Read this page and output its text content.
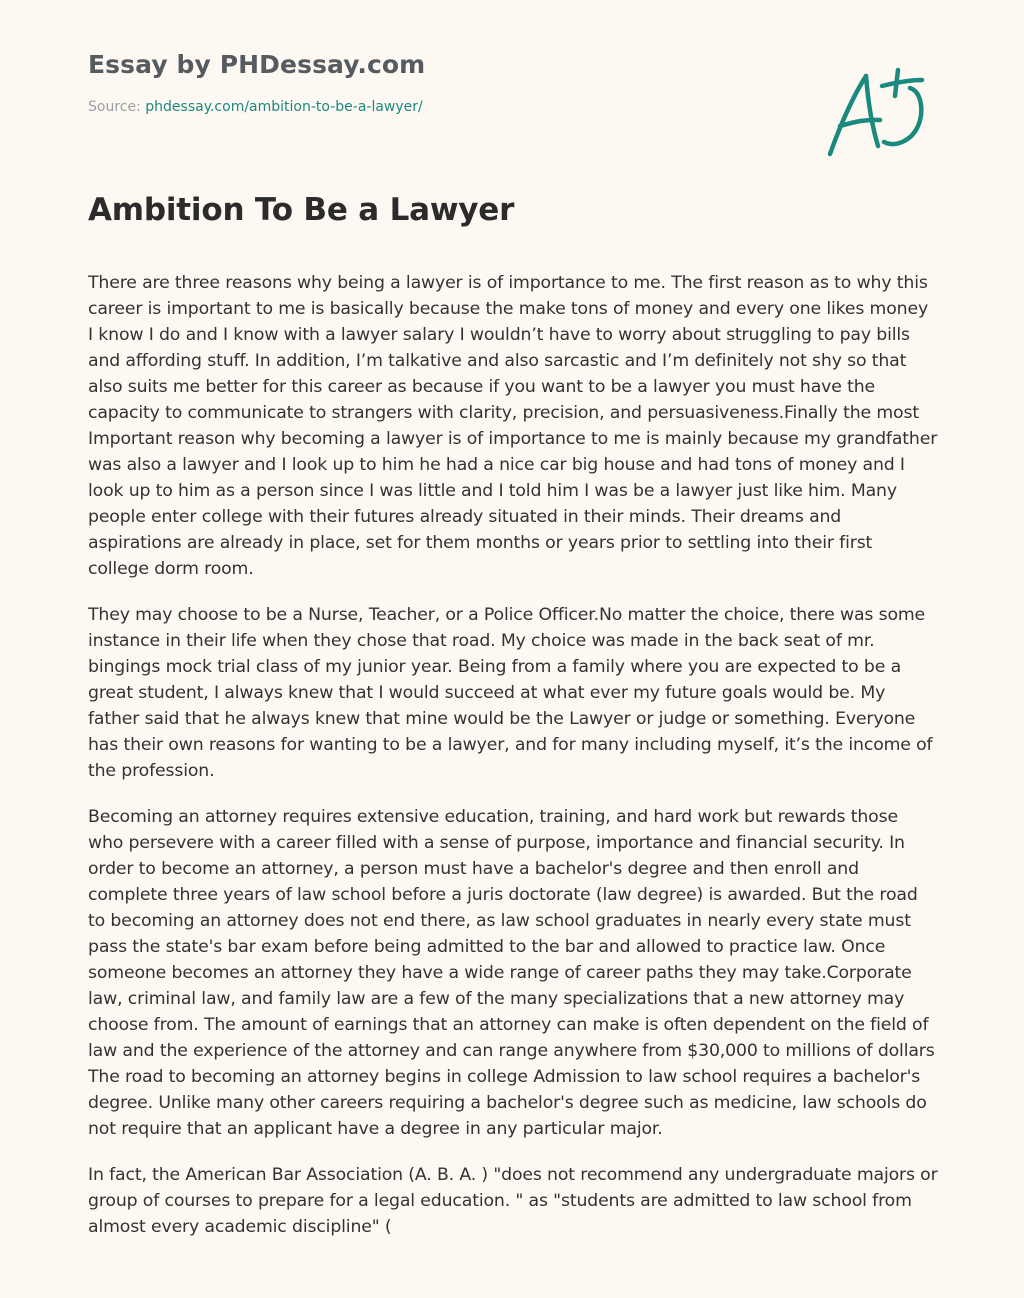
Essay by PHDessay.com
Source: phdessay.com/ambition-to-be-a-lawyer/
Ambition To Be a Lawyer

There are three reasons why being a lawyer is of importance to me. The first reason as to why this career is important to me is basically because the make tons of money and every one likes money I know I do and I know with a lawyer salary I wouldn’t have to worry about struggling to pay bills and affording stuff. In addition, I’m talkative and also sarcastic and I’m definitely not shy so that also suits me better for this career as because if you want to be a lawyer you must have the capacity to communicate to strangers with clarity, precision, and persuasiveness.Finally the most Important reason why becoming a lawyer is of importance to me is mainly because my grandfather was also a lawyer and I look up to him he had a nice car big house and had tons of money and I look up to him as a person since I was little and I told him I was be a lawyer just like him. Many people enter college with their futures already situated in their minds. Their dreams and aspirations are already in place, set for them months or years prior to settling into their first college dorm room.

They may choose to be a Nurse, Teacher, or a Police Officer.No matter the choice, there was some instance in their life when they chose that road. My choice was made in the back seat of mr. bingings mock trial class of my junior year. Being from a family where you are expected to be a great student, I always knew that I would succeed at what ever my future goals would be. My father said that he always knew that mine would be the Lawyer or judge or something. Everyone has their own reasons for wanting to be a lawyer, and for many including myself, it’s the income of the profession.

Becoming an attorney requires extensive education, training, and hard work but rewards those who persevere with a career filled with a sense of purpose, importance and financial security. In order to become an attorney, a person must have a bachelor's degree and then enroll and complete three years of law school before a juris doctorate (law degree) is awarded. But the road to becoming an attorney does not end there, as law school graduates in nearly every state must pass the state's bar exam before being admitted to the bar and allowed to practice law. Once someone becomes an attorney they have a wide range of career paths they may take.Corporate law, criminal law, and family law are a few of the many specializations that a new attorney may choose from. The amount of earnings that an attorney can make is often dependent on the field of law and the experience of the attorney and can range anywhere from $30,000 to millions of dollars The road to becoming an attorney begins in college Admission to law school requires a bachelor's degree. Unlike many other careers requiring a bachelor's degree such as medicine, law schools do not require that an applicant have a degree in any particular major.

In fact, the American Bar Association (A. B. A. ) "does not recommend any undergraduate majors or group of courses to prepare for a legal education. " as "students are admitted to law school from almost every academic discipline" (
